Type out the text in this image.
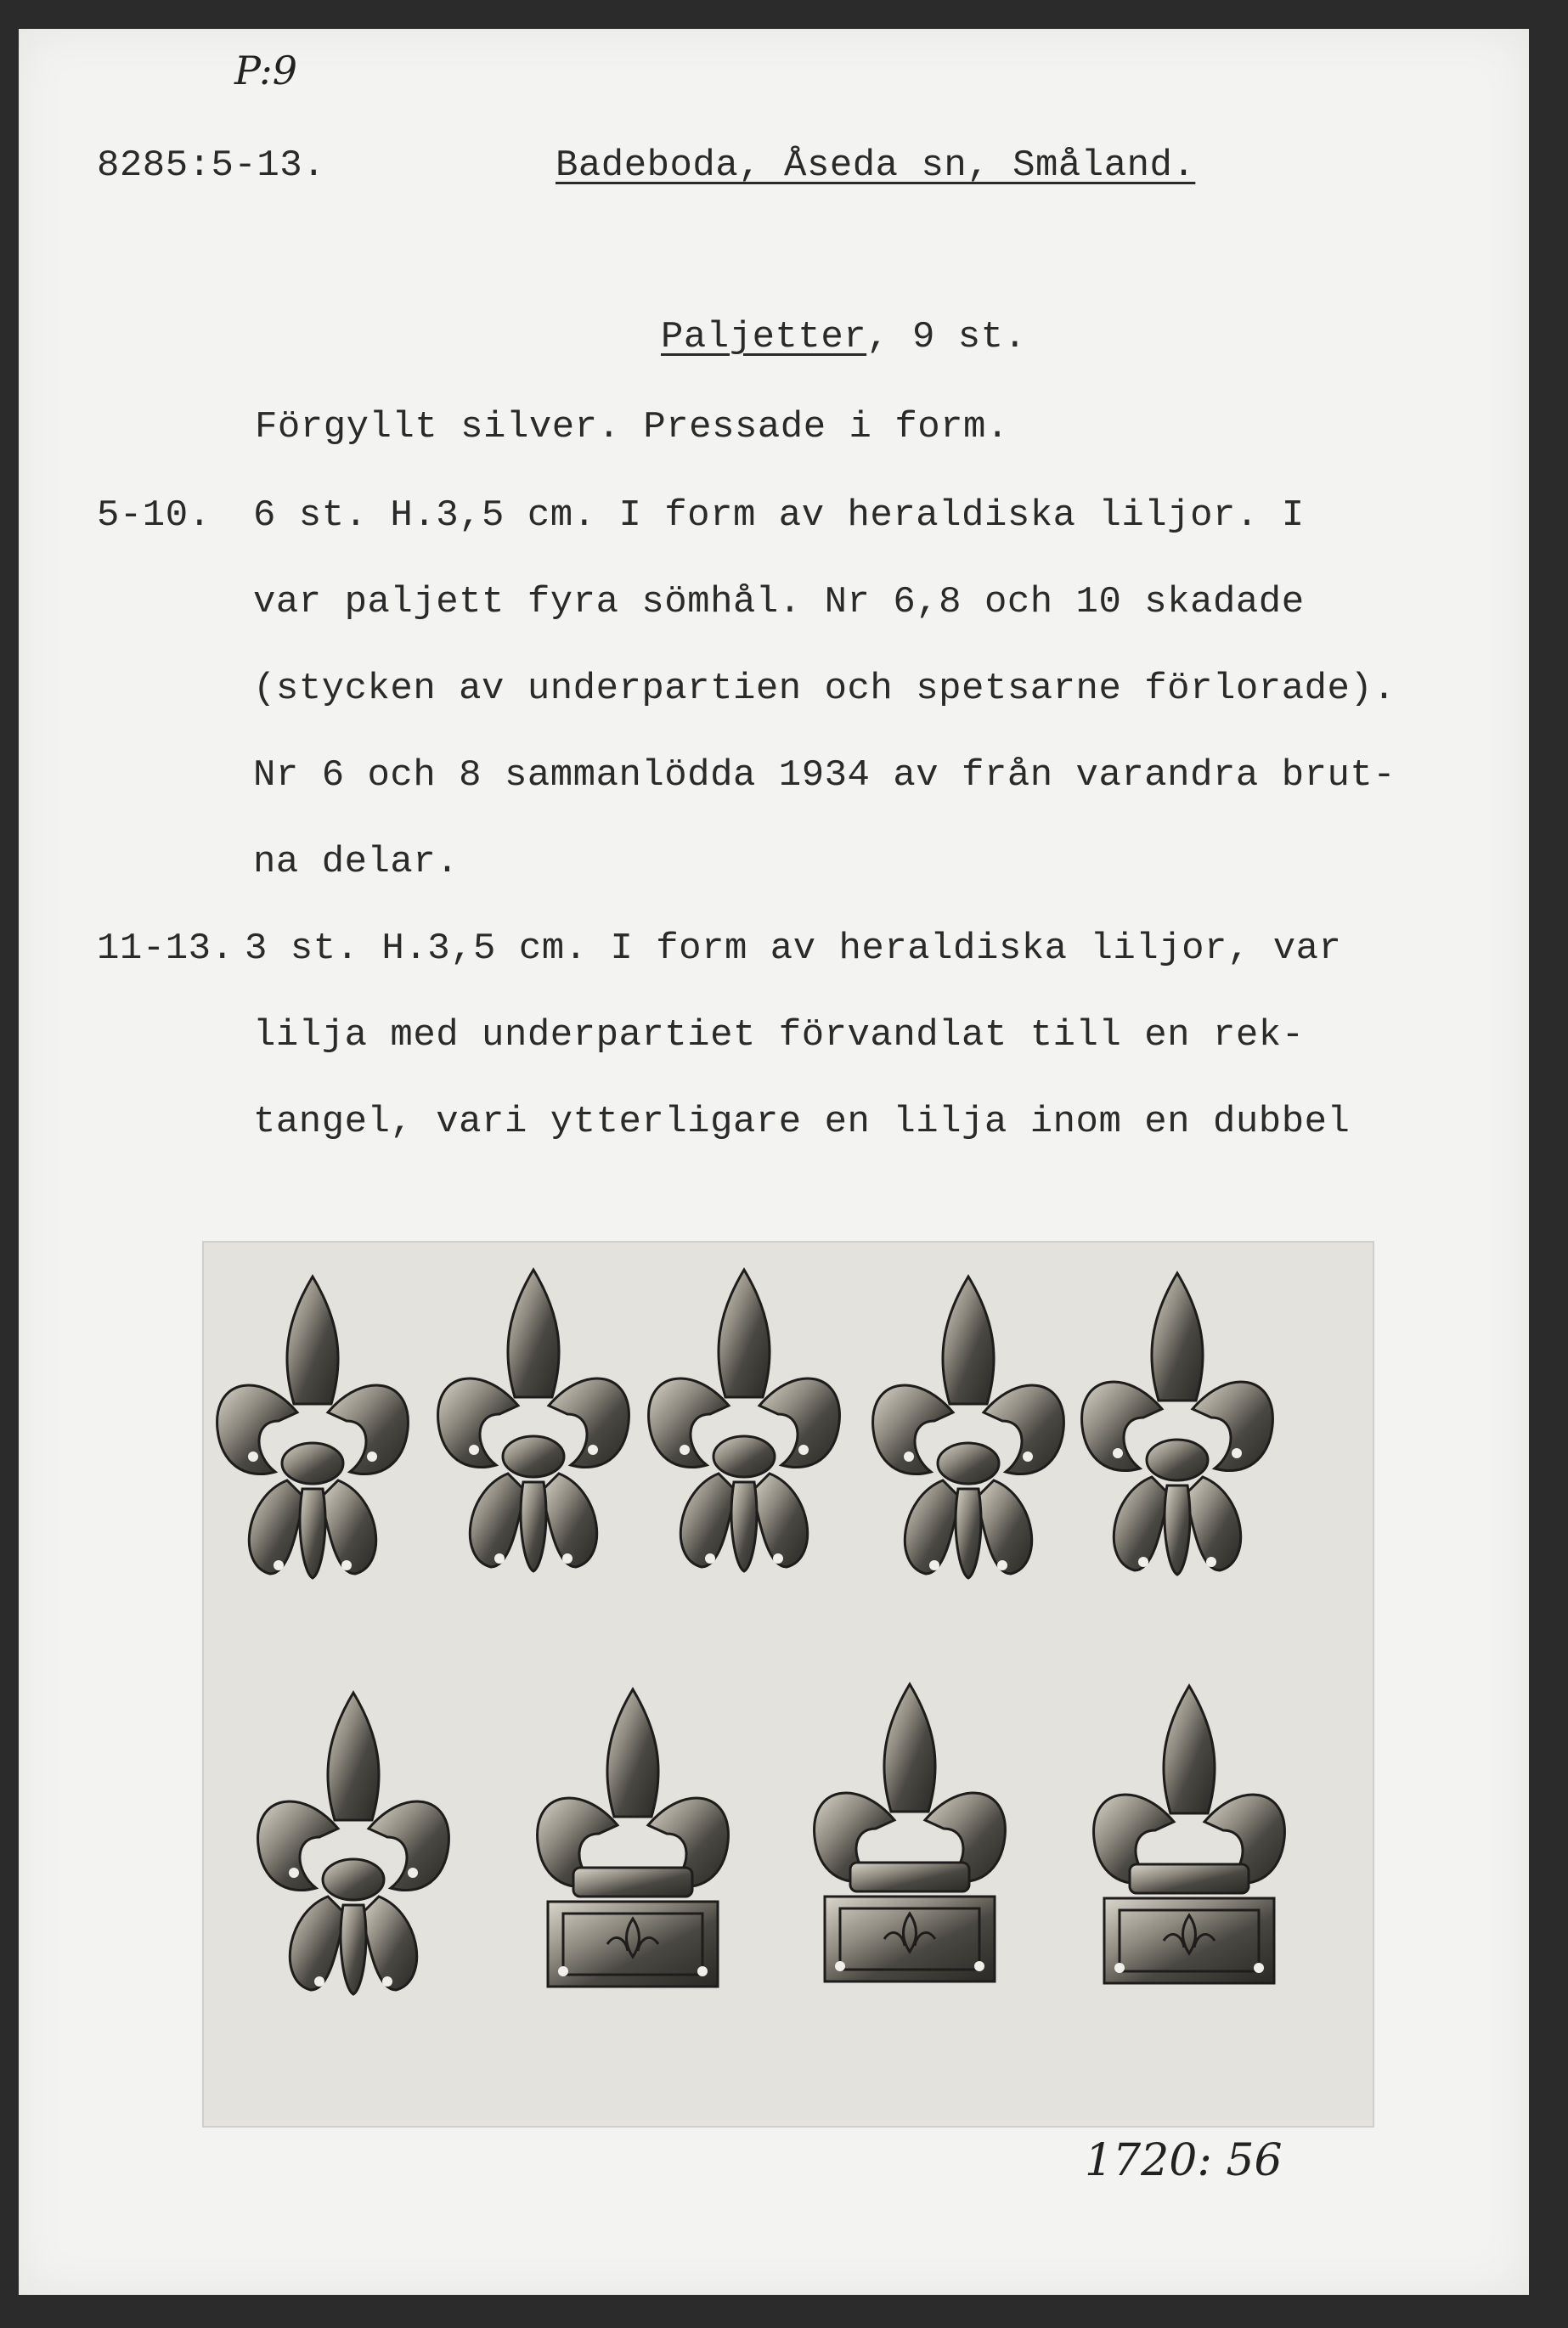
P:9
8285:5-13.	Badeboda, Åseda sn, Småland.
Paljetter, 9 st.
Förgyllt silver. Pressade i form.
5-10. 6 st. H.3,5 cm. I form av heraldiska liljor. I
var paljett fyra sömhål. Nr 6,8 och 10 skadade
(stycken av underpartien och spetsarne förlorade).
Nr 6 och 8 sammanlödda 1934 av från varandra brut-
na delar.
11-13. 3 st. H.3,5 cm. I form av heraldiska liljor, var
lilja med underpartiet förvandlat till en rek-
tangel, vari ytterligare en lilja inom en dubbel
1720: 56
